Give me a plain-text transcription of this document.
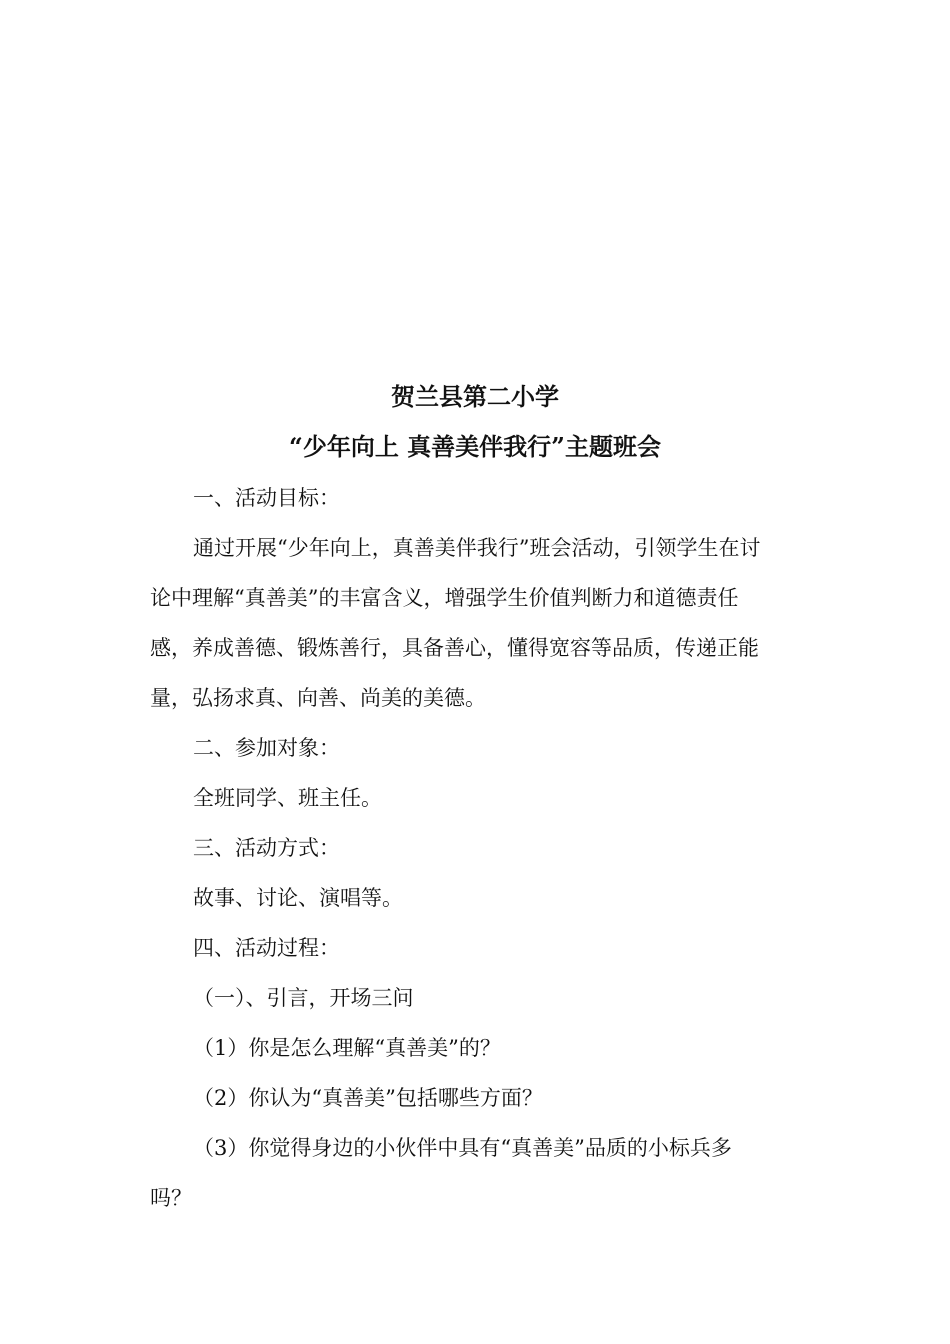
贺兰县第二小学
“少年向上 真善美伴我行”主题班会
一、活动目标：
通过开展“少年向上，真善美伴我行”班会活动，引领学生在讨
论中理解“真善美”的丰富含义，增强学生价值判断力和道德责任
感，养成善德、锻炼善行，具备善心，懂得宽容等品质，传递正能
量，弘扬求真、向善、尚美的美德。
二、参加对象：
全班同学、班主任。
三、活动方式：
故事、讨论、演唱等。
四、活动过程：
（一）、引言，开场三问
（1）你是怎么理解“真善美”的？
（2）你认为“真善美”包括哪些方面？
（3）你觉得身边的小伙伴中具有“真善美”品质的小标兵多
吗？
